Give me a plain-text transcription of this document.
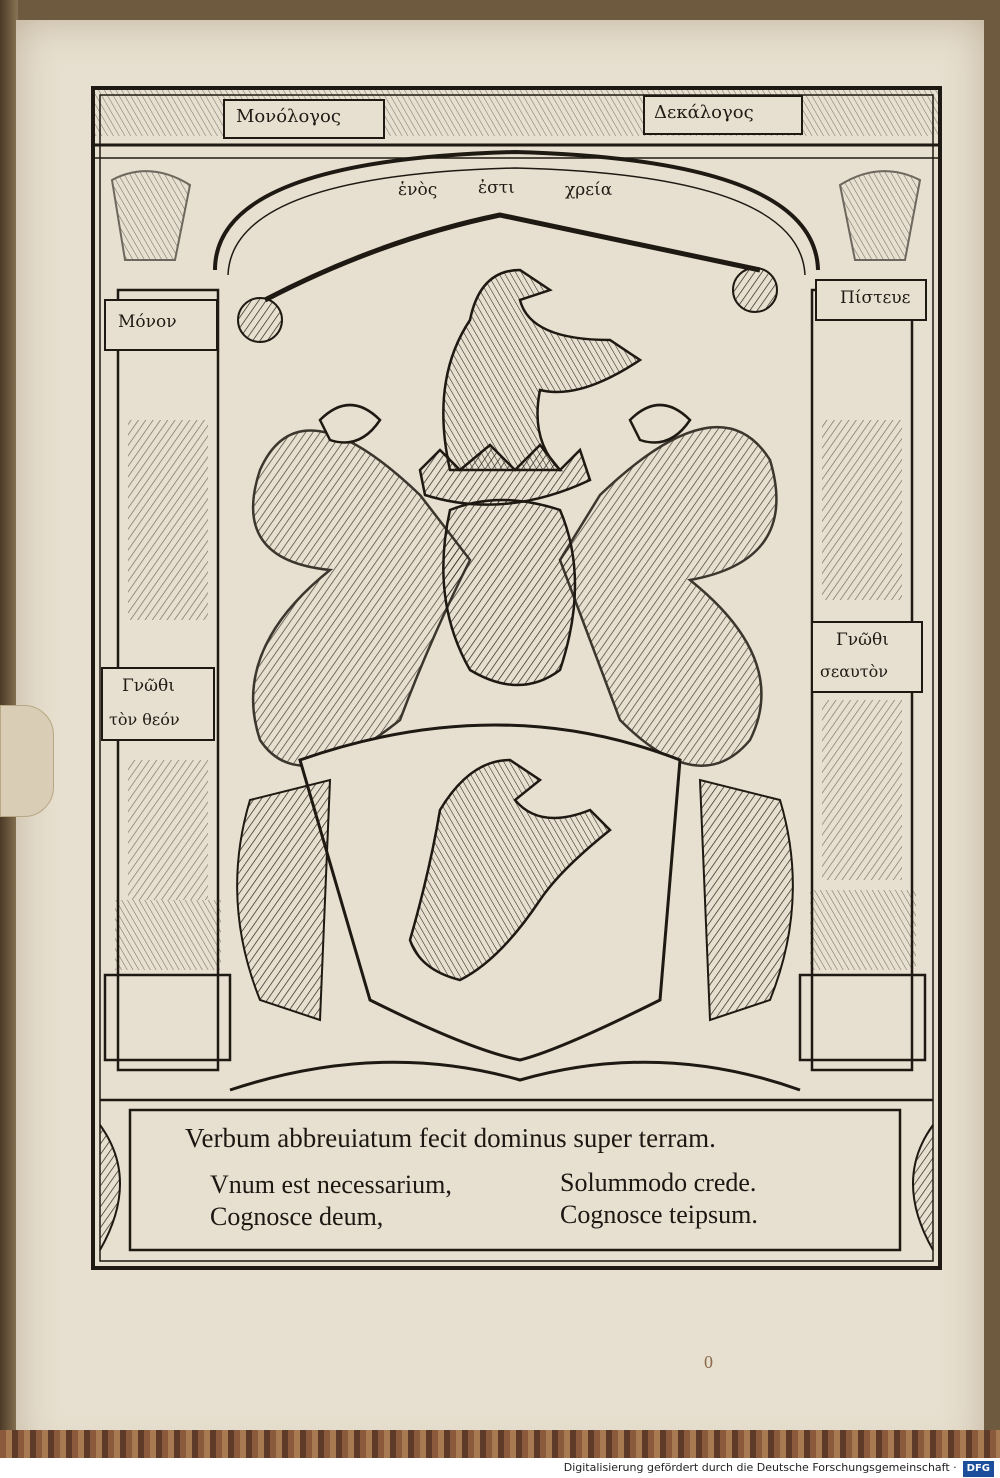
Μονόλογος	Δεκάλογος
ἑνὸς ἐστι	χρεία
Μόνον
Γνῶθι
τὸν θεόν
Πίστευε
Γνῶθι
σεαυτὸν
Verbum abbreuiatum fecit dominus super terram.
Vnum est necessarium,	Solummodo crede.
Cognosce deum,	Cognosce teipsum.
0
Digitalisierung gefördert durch die Deutsche Forschungsgemeinschaft · DFG
